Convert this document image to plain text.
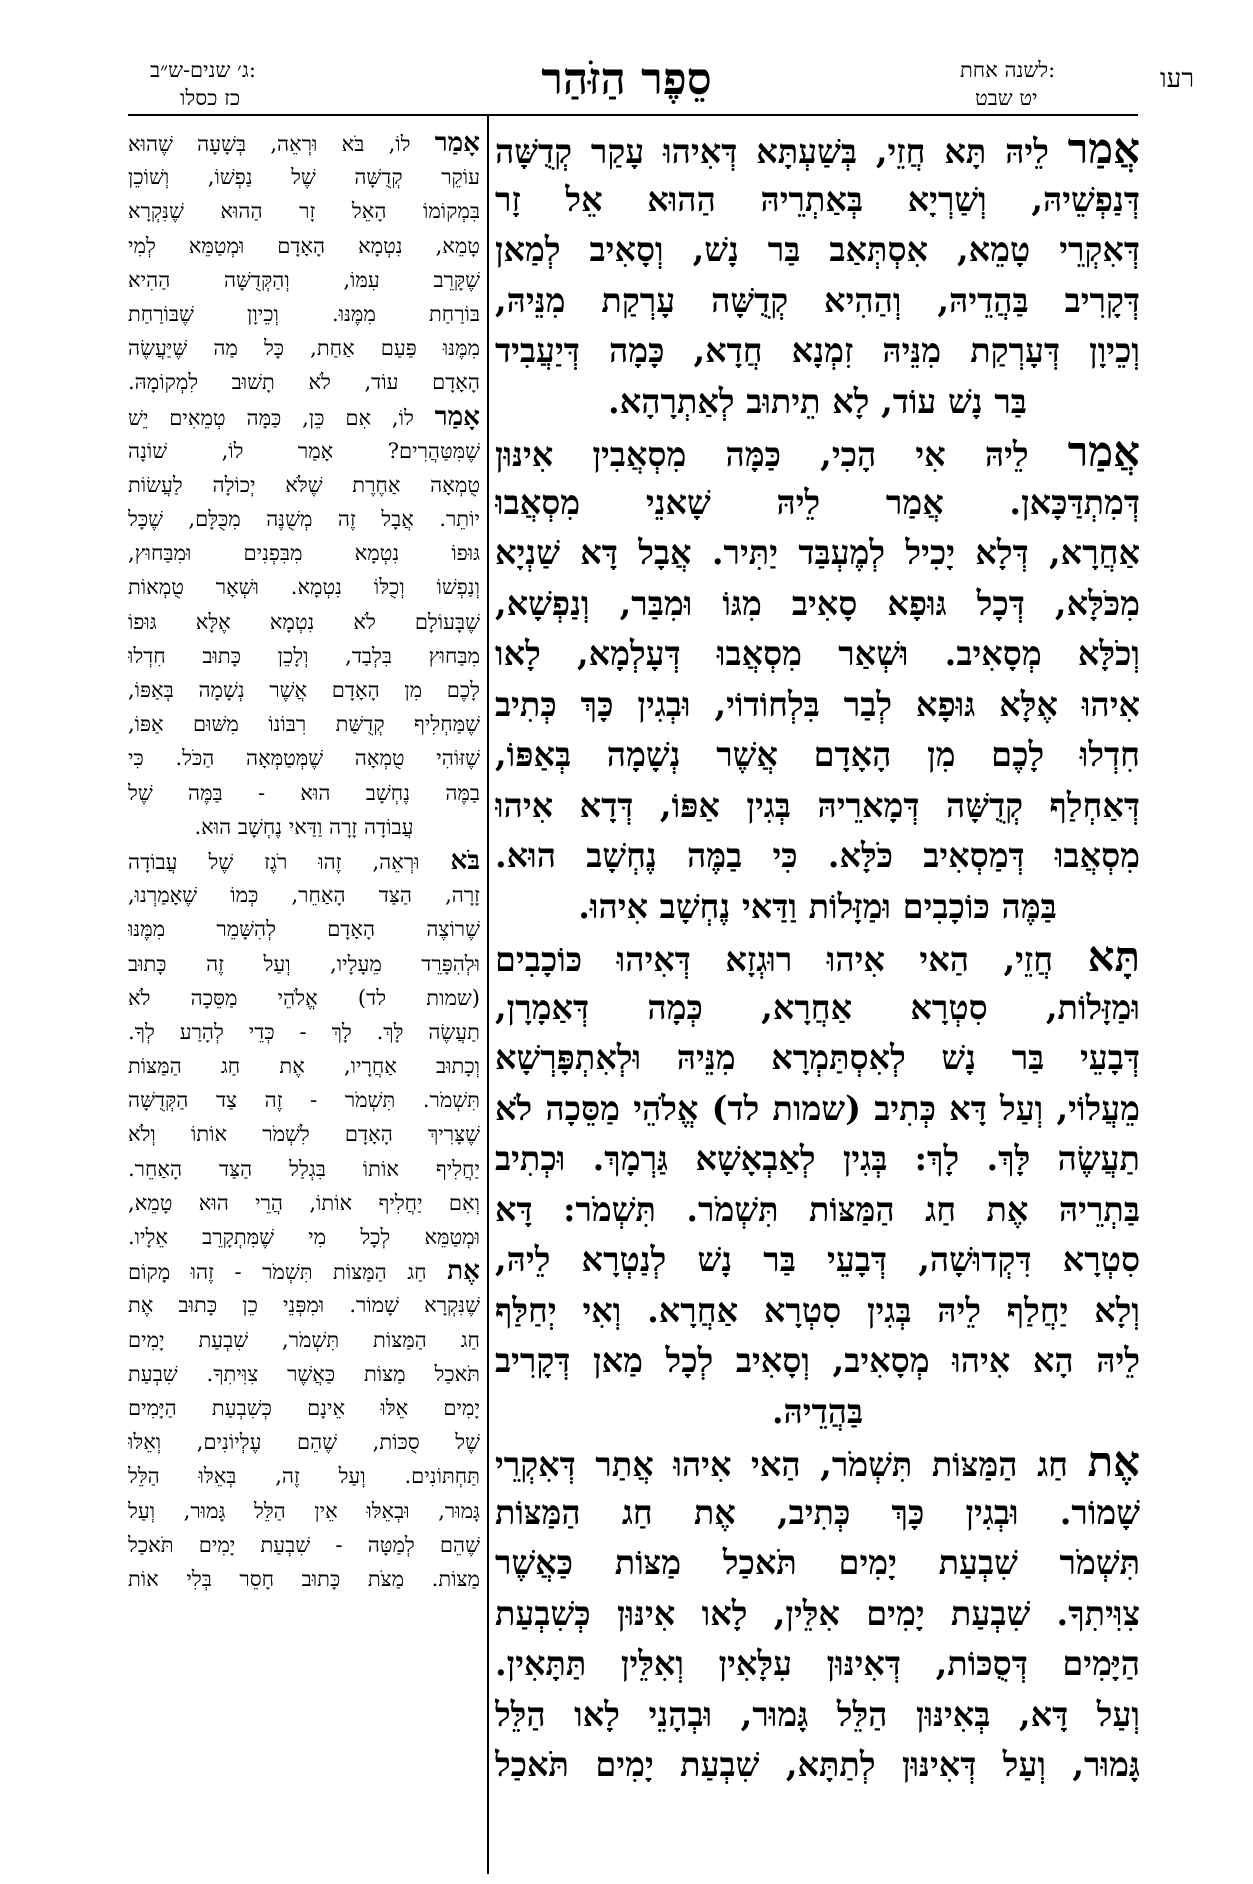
רעו

לשנה אחת:

יט שבט

סֵפֶר הַזֹּהַר

ג׳ שנים-ש״ב:

כז כסלו

אֲמַר לֵיהּ תָּא חֲזֵי, בְּשַׁעְתָּא דְּאִיהוּ עָקַר קְדֻשָּׁה

דְּנַפְשֵׁיהּ, וְשַׁרְיָא בְּאַתְרֵיהּ הַהוּא אֵל זָר

דְּאִקְרֵי טָמֵא, אִסְתְּאַב בַּר נָשׁ, וְסָאִיב לְמַאן

דְּקָרִיב בַּהֲדֵיהּ, וְהַהִיא קְדֻשָּׁה עָרְקַת מִנֵּיהּ,

וְכֵיוָן דְּעָרְקַת מִנֵּיהּ זִמְנָא חֲדָא, כָּמָה דְּיַעֲבִיד

בַּר נָשׁ עוֹד, לָא תֵיתוּב לְאַתְרָהָא.

אֲמַר לֵיהּ אִי הָכִי, כַּמָּה מִסְאֲבִין אִינּוּן

דְּמִתְדַּכָּאן. אֲמַר לֵיהּ שָׁאנֵי מִסְאֲבוּ

אַחֲרָא, דְּלָא יָכִיל לְמֶעְבַּד יַתִּיר. אֲבָל דָּא שַׁנְיָא

מִכֹּלָּא, דְּכָל גּוּפָא סָאִיב מִגּוֹ וּמִבַּר, וְנַפְשָׁא,

וְכֹלָּא מְסָאִיב. וּשְׁאַר מִסְאֲבוּ דְּעָלְמָא, לָאו

אִיהוּ אֶלָּא גּוּפָא לְבַר בִּלְחוֹדוֹי, וּבְגִין כָּךְ כְּתִיב

חִדְלוּ לָכֶם מִן הָאָדָם אֲשֶׁר נְשָׁמָה בְּאַפּוֹ,

דְּאַחְלַף קְדֻשָּׁה דְּמָארֵיהּ בְּגִין אַפּוֹ, דְּדָא אִיהוּ

מִסְאֲבוּ דְּמַסְאִיב כֹּלָּא. כִּי בַמֶּה נֶחְשָׁב הוּא.

בַּמֶּה כּוֹכָבִים וּמַזָּלוֹת וַדַּאי נֶחְשָׁב אִיהוּ.

תָּא חֲזֵי, הַאי אִיהוּ רוּגְזָא דְּאִיהוּ כּוֹכָבִים

וּמַזָּלוֹת, סִטְרָא אַחֲרָא, כְּמָה דְּאַמָרָן,

דְּבָעֵי בַּר נָשׁ לְאִסְתַּמְרָא מִנֵּיהּ וּלְאִתְפָּרְשָׁא

מֵעֲלוֹי, וְעַל דָּא כְּתִיב (שמות לד) אֱלֹהֵי מַסֵּכָה לֹא

תַעֲשֶׂה לָּךְ. לָךְ: בְּגִין לְאַבְאָשָׁא גַּרְמָךְ. וּכְתִיב

בַּתְרֵיהּ אֶת חַג הַמַּצּוֹת תִּשְׁמֹר. תִּשְׁמֹר: דָּא

סִטְרָא דִּקְדוּשָׁה, דְּבָעֵי בַּר נָשׁ לְנַטְרָא לֵיהּ,

וְלָא יַחֲלַף לֵיהּ בְּגִין סִטְרָא אַחֲרָא. וְאִי יְחַלַּף

לֵיהּ הָא אִיהוּ מְסָאִיב, וְסָאִיב לְכָל מַאן דְּקָרִיב

בַּהֲדֵיהּ.

אֶת חַג הַמַּצּוֹת תִּשְׁמֹר, הַאי אִיהוּ אֲתַר דְּאִקְרֵי

שָׁמוֹר. וּבְגִין כָּךְ כְּתִיב, אֶת חַג הַמַּצּוֹת

תִּשְׁמֹר שִׁבְעַת יָמִים תֹּאכַל מַצּוֹת כַּאֲשֶׁר

צִוִּיתִךָ. שִׁבְעַת יָמִים אִלֵּין, לָאו אִינּוּן כְּשִׁבְעַת

הַיָּמִים דְּסֻכּוֹת, דְּאִינּוּן עִלָּאִין וְאִלֵּין תַּתָּאִין.

וְעַל דָּא, בְּאִינּוּן הַלֵּל גָּמוּר, וּבְהָנֵי לָאו הַלֵּל

גָּמוּר, וְעַל דְּאִינּוּן לְתַתָּא, שִׁבְעַת יָמִים תֹּאכַל

אָמַר לוֹ, בֹּא וּרְאֵה, בְּשָׁעָה שֶׁהוּא

עוֹקֵר קְדֻשָּׁה שֶׁל נַפְשׁוֹ, וְשׁוֹכֵן

בִּמְקוֹמוֹ הָאֵל זָר הַהוּא שֶׁנִּקְרָא

טָמֵא, נִטְמָא הָאָדָם וּמְטַמֵּא לְמִי

שֶׁקָּרֵב עִמּוֹ, וְהַקְּדֻשָּׁה הַהִיא

בּוֹרַחַת מִמֶּנּוּ. וְכֵיוָן שֶׁבּוֹרַחַת

מִמֶּנּוּ פַּעַם אַחַת, כָּל מַה שֶּׁיַּעֲשֶׂה

הָאָדָם עוֹד, לֹא תָשׁוּב לִמְקוֹמָהּ.

אָמַר לוֹ, אִם כֵּן, כַּמָּה טְמֵאִים יֵשׁ

שֶׁמִּטַּהֲרִים? אָמַר לוֹ, שׁוֹנָה

טֻמְאָה אַחֶרֶת שֶׁלֹּא יְכוֹלָה לַעֲשׂוֹת

יוֹתֵר. אֲבָל זֶה מְשֻׁנֶּה מִכֻּלָּם, שֶׁכָּל

גּוּפוֹ נִטְמָא מִבִּפְנִים וּמִבַּחוּץ,

וְנַפְשׁוֹ וְכֻלּוֹ נִטְמָא. וּשְׁאָר טֻמְאוֹת

שֶׁבָּעוֹלָם לֹא נִטְמָא אֶלָּא גּוּפוֹ

מִבַּחוּץ בִּלְבַד, וְלָכֵן כָּתוּב חִדְלוּ

לָכֶם מִן הָאָדָם אֲשֶׁר נְשָׁמָה בְּאַפּוֹ,

שֶׁמַּחְלִיף קְדֻשַּׁת רִבּוֹנוֹ מִשּׁוּם אַפּוֹ,

שֶׁזּוֹהִי טֻמְאָה שֶׁמְּטַמְּאָה הַכֹּל. כִּי

בַמֶּה נֶחְשָׁב הוּא - בַּמֶּה שֶׁל

עֲבוֹדָה זָרָה וַדַּאי נֶחְשָׁב הוּא.

בֹּא וּרְאֵה, זֶהוּ רֹגֶז שֶׁל עֲבוֹדָה

זָרָה, הַצַּד הָאַחֵר, כְּמוֹ שֶׁאָמַרְנוּ,

שֶׁרוֹצֶה הָאָדָם לְהִשָּׁמֵר מִמֶּנּוּ

וּלְהִפָּרֵד מֵעָלָיו, וְעַל זֶה כָּתוּב

(שמות לד) אֱלֹהֵי מַסֵּכָה לֹא

תַעֲשֶׂה לָּךְ. לָךְ - כְּדֵי לְהָרַע לְךָ.

וְכָתוּב אַחֲרָיו, אֶת חַג הַמַּצּוֹת

תִּשְׁמֹר. תִּשְׁמֹר - זֶה צַד הַקְּדֻשָּׁה

שֶׁצָּרִיךְ הָאָדָם לִשְׁמֹר אוֹתוֹ וְלֹא

יַחֲלִיף אוֹתוֹ בִּגְלַל הַצַּד הָאַחֵר.

וְאִם יַחֲלִיף אוֹתוֹ, הֲרֵי הוּא טָמֵא,

וּמְטַמֵּא לְכָל מִי שֶׁמִּתְקָרֵב אֵלָיו.

אֶת חַג הַמַּצּוֹת תִּשְׁמֹר - זֶהוּ מָקוֹם

שֶׁנִּקְרָא שָׁמוֹר. וּמִפְּנֵי כֵן כָּתוּב אֶת

חַג הַמַּצּוֹת תִּשְׁמֹר, שִׁבְעַת יָמִים

תֹּאכַל מַצּוֹת כַּאֲשֶׁר צִוִּיתִךָ. שִׁבְעַת

יָמִים אֵלּוּ אֵינָם כְּשִׁבְעַת הַיָּמִים

שֶׁל סֻכּוֹת, שֶׁהֵם עֶלְיוֹנִים, וְאֵלּוּ

תַּחְתּוֹנִים. וְעַל זֶה, בְּאֵלּוּ הַלֵּל

גָּמוּר, וּבְאֵלּוּ אֵין הַלֵּל גָּמוּר, וְעַל

שֶׁהֵם לְמַטָּה - שִׁבְעַת יָמִים תֹּאכַל

מַצּוֹת. מַצֹּת כָּתוּב חָסֵר בְּלִי אוֹת
